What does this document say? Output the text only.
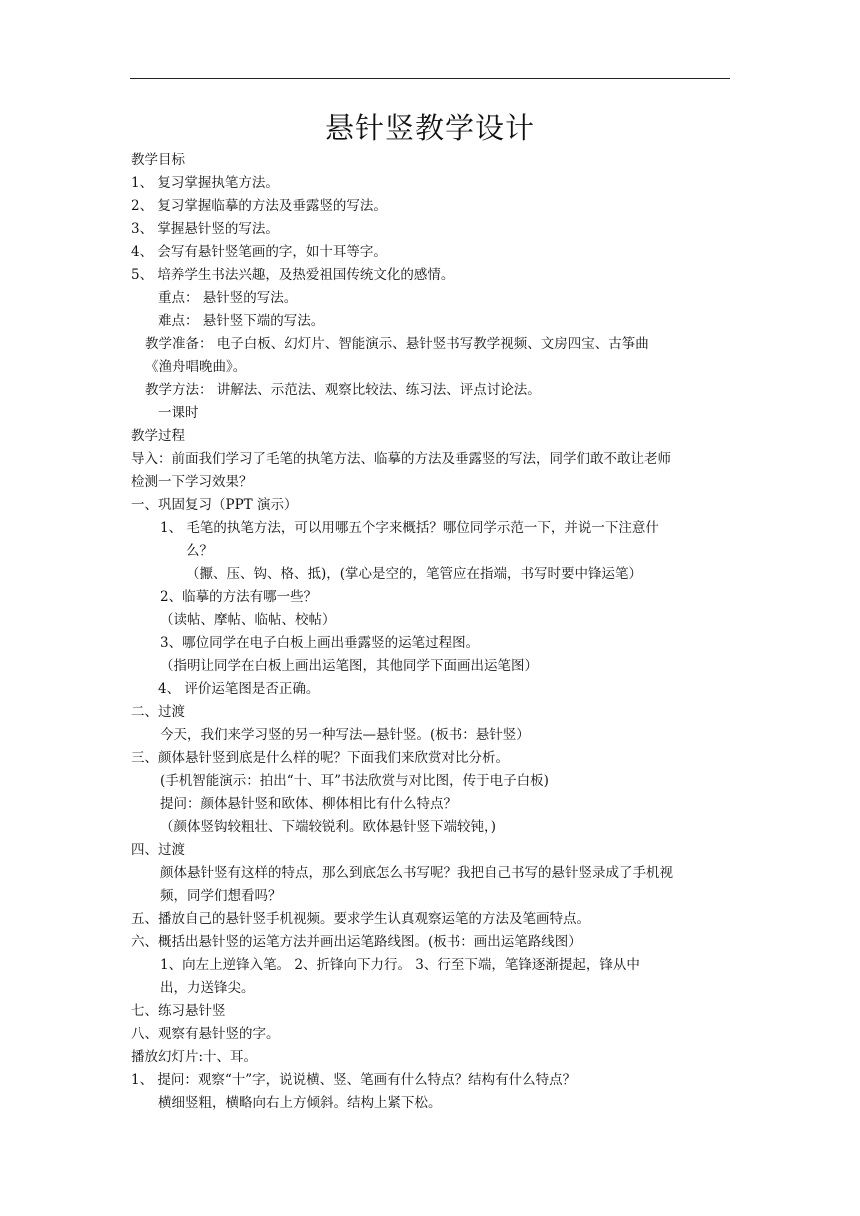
悬针竖教学设计
教学目标
1、 复习掌握执笔方法。
2、 复习掌握临摹的方法及垂露竖的写法。
3、 掌握悬针竖的写法。
4、 会写有悬针竖笔画的字，如十耳等字。
5、 培养学生书法兴趣，及热爱祖国传统文化的感情。
重点： 悬针竖的写法。
难点： 悬针竖下端的写法。
教学准备： 电子白板、幻灯片、智能演示、悬针竖书写教学视频、文房四宝、古筝曲
《渔舟唱晚曲》。
教学方法： 讲解法、示范法、观察比较法、练习法、评点讨论法。
一课时
教学过程
导入：前面我们学习了毛笔的执笔方法、临摹的方法及垂露竖的写法，同学们敢不敢让老师
检测一下学习效果？
一、巩固复习（PPT 演示）
1、 毛笔的执笔方法，可以用哪五个字来概括？哪位同学示范一下，并说一下注意什
么？
（擫、压、钩、格、抵)，(掌心是空的，笔管应在指端，书写时要中锋运笔）
2、临摹的方法有哪一些？
（读帖、摩帖、临帖、校帖）
3、哪位同学在电子白板上画出垂露竖的运笔过程图。
（指明让同学在白板上画出运笔图，其他同学下面画出运笔图）
4、 评价运笔图是否正确。
二、过渡
今天，我们来学习竖的另一种写法—悬针竖。(板书：悬针竖）
三、颜体悬针竖到底是什么样的呢？下面我们来欣赏对比分析。
(手机智能演示：拍出“十、耳”书法欣赏与对比图，传于电子白板)
提问：颜体悬针竖和欧体、柳体相比有什么特点？
（颜体竖钩较粗壮、下端较锐利。欧体悬针竖下端较钝，)
四、过渡
颜体悬针竖有这样的特点，那么到底怎么书写呢？我把自己书写的悬针竖录成了手机视
频，同学们想看吗？
五、播放自己的悬针竖手机视频。要求学生认真观察运笔的方法及笔画特点。
六、概括出悬针竖的运笔方法并画出运笔路线图。(板书：画出运笔路线图）
1、向左上逆锋入笔。 2、折锋向下力行。 3、行至下端，笔锋逐渐提起，锋从中
出，力送锋尖。
七、练习悬针竖
八、观察有悬针竖的字。
播放幻灯片:十、耳。
1、 提问：观察“十”字，说说横、竖、笔画有什么特点？结构有什么特点？
横细竖粗，横略向右上方倾斜。结构上紧下松。
